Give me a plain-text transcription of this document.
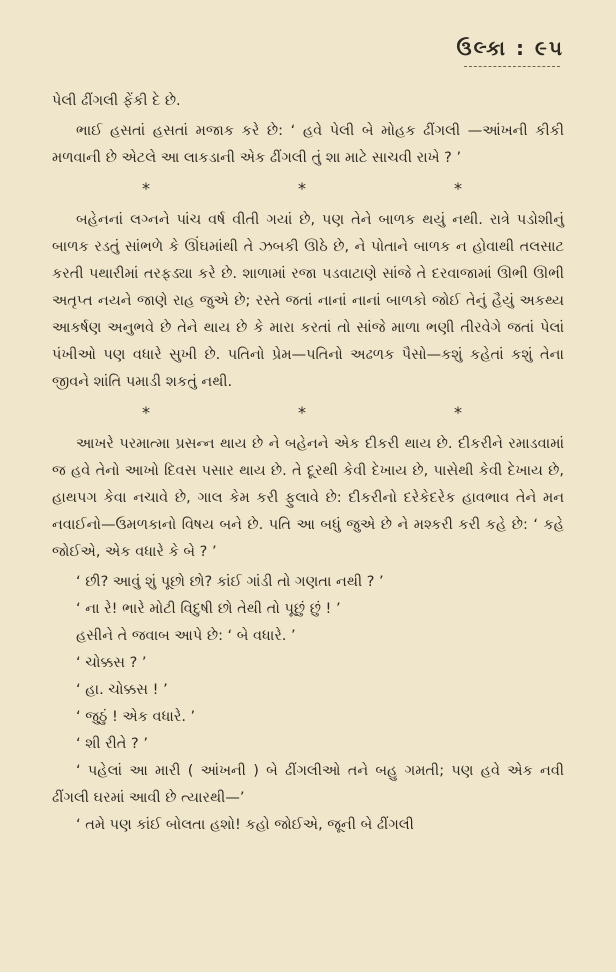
ઉલ્કા : ૯૫

પેલી ઢીંગલી ફેંકી દે છે.

ભાઈ હસતાં હસતાં મજાક કરે છે: ‘ હવે પેલી બે મોહક ઢીંગલી —આંખની કીકી મળવાની છે એટલે આ લાકડાની એક ઢીંગલી તું શા માટે સાચવી રાખે ? ’

*	*	*

બહેનનાં લગ્નને પાંચ વર્ષ વીતી ગયાં છે, પણ તેને બાળક થયું નથી. રાત્રે પડોશીનું બાળક રડતું સાંભળે કે ઊંઘમાંથી તે ઝબકી ઊઠે છે, ને પોતાને બાળક ન હોવાથી તલસાટ કરતી પથારીમાં તરફડ્યા કરે છે. શાળામાં રજા પડવાટાણે સાંજે તે દરવાજામાં ઊભી ઊભી અતૃપ્ત નયને જાણે રાહ જુએ છે; રસ્તે જતાં નાનાં નાનાં બાળકો જોઈ તેનું હૈયું અકથ્ય આકર્ષણ અનુભવે છે તેને થાય છે કે મારા કરતાં તો સાંજે માળા ભણી તીરવેગે જતાં પેલાં પંખીઓ પણ વધારે સુખી છે. પતિનો પ્રેમ—પતિનો અઢળક પૈસો—કશું કહેતાં કશું તેના જીવને શાંતિ પમાડી શકતું નથી.

*	*	*

આખરે પરમાત્મા પ્રસન્ન થાય છે ને બહેનને એક દીકરી થાય છે. દીકરીને રમાડવામાં જ હવે તેનો આખો દિવસ પસાર થાય છે. તે દૂરથી કેવી દેખાય છે, પાસેથી કેવી દેખાય છે, હાથપગ કેવા નચાવે છે, ગાલ કેમ કરી ફુલાવે છે: દીકરીનો દરેકેદરેક હાવભાવ તેને મન નવાઈનો—ઉમળકાનો વિષય બને છે. પતિ આ બધું જુએ છે ને મશ્કરી કરી કહે છે: ‘ કહે જોઈએ, એક વધારે કે બે ? ’

‘ છી? આવું શું પૂછો છો? કાંઈ ગાંડી તો ગણતા નથી ? ’

‘ ના રે! ભારે મોટી વિદુષી છો તેથી તો પૂછું છું ! ’

હસીને તે જવાબ આપે છે: ‘ બે વધારે. ’

‘ ચોક્કસ ? ’

‘ હા. ચોક્કસ ! ’

‘ જુઠું ! એક વધારે. ’

‘ શી રીતે ? ’

‘ પહેલાં આ મારી ( આંખની ) બે ઢીંગલીઓ તને બહુ ગમતી; પણ હવે એક નવી ઢીંગલી ઘરમાં આવી છે ત્યારથી—’

‘ તમે પણ કાંઈ બોલતા હશો! કહો જોઈએ, જૂની બે ઢીંગલી
